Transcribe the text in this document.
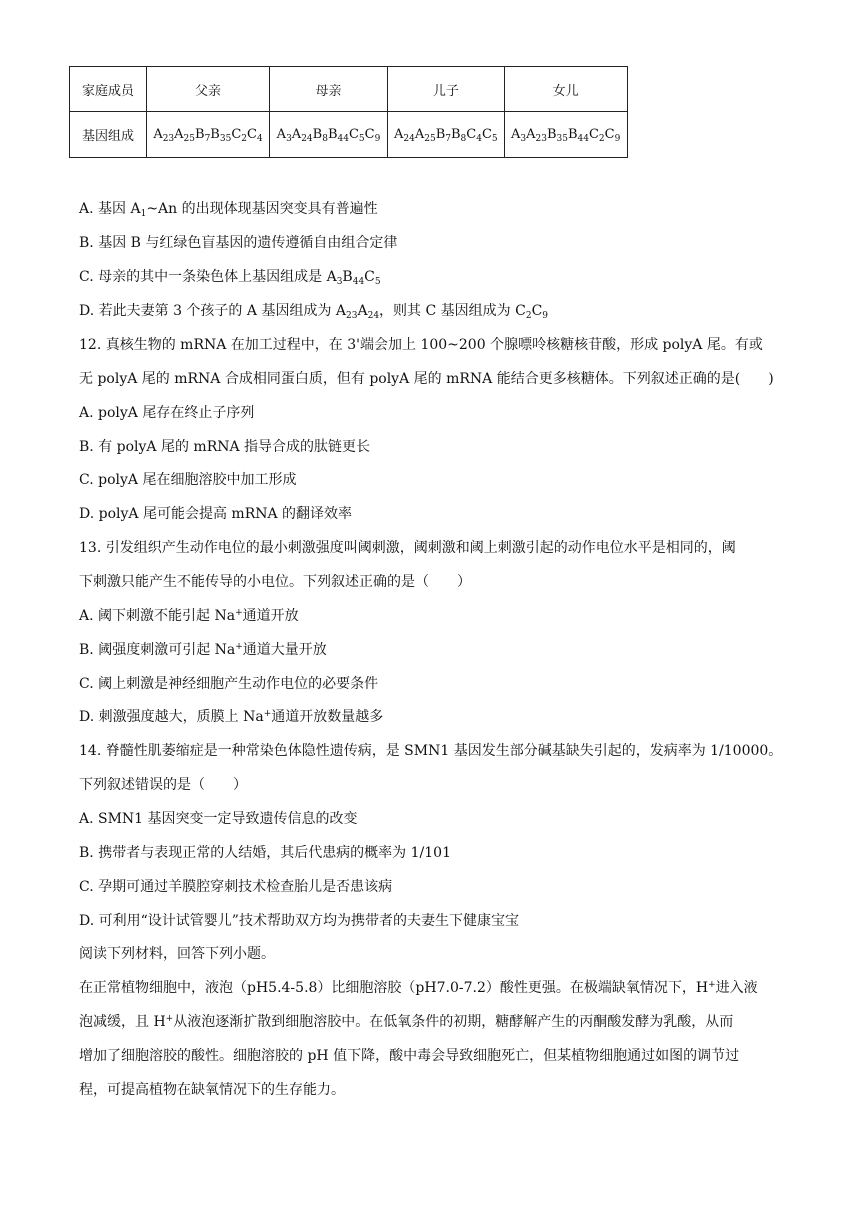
家庭成员	父亲	母亲	儿子	女儿
基因组成	$A_{23}A_{25}B_7B_{35}C_2C_4$	$A_3A_{24}B_8B_{44}C_5C_9$	$A_{24}A_{25}B_7B_8C_4C_5$	$A_3A_{23}B_{35}B_{44}C_2C_9$
A. 基因 $A_1\sim An$ 的出现体现基因突变具有普遍性
B. 基因 B 与红绿色盲基因的遗传遵循自由组合定律
C. 母亲的其中一条染色体上基因组成是 $A_3B_{44}C_5$
D. 若此夫妻第 3 个孩子的 A 基因组成为 $A_{23}A_{24}$，则其 C 基因组成为 $C_2C_9$
12. 真核生物的 mRNA 在加工过程中，在 3'端会加上 100~200 个腺嘌呤核糖核苷酸，形成 polyA 尾。有或
无 polyA 尾的 mRNA 合成相同蛋白质，但有 polyA 尾的 mRNA 能结合更多核糖体。下列叙述正确的是(　　)
A. polyA 尾存在终止子序列
B. 有 polyA 尾的 mRNA 指导合成的肽链更长
C. polyA 尾在细胞溶胶中加工形成
D. polyA 尾可能会提高 mRNA 的翻译效率
13. 引发组织产生动作电位的最小刺激强度叫阈刺激，阈刺激和阈上刺激引起的动作电位水平是相同的，阈
下刺激只能产生不能传导的小电位。下列叙述正确的是（　　）
A. 阈下刺激不能引起 Na+通道开放
B. 阈强度刺激可引起 Na+通道大量开放
C. 阈上刺激是神经细胞产生动作电位的必要条件
D. 刺激强度越大，质膜上 Na+通道开放数量越多
14. 脊髓性肌萎缩症是一种常染色体隐性遗传病，是 SMN1 基因发生部分碱基缺失引起的，发病率为 1/10000。
下列叙述错误的是（　　）
A. SMN1 基因突变一定导致遗传信息的改变
B. 携带者与表现正常的人结婚，其后代患病的概率为 1/101
C. 孕期可通过羊膜腔穿刺技术检查胎儿是否患该病
D. 可利用“设计试管婴儿”技术帮助双方均为携带者的夫妻生下健康宝宝
阅读下列材料，回答下列小题。
在正常植物细胞中，液泡（pH5.4-5.8）比细胞溶胶（pH7.0-7.2）酸性更强。在极端缺氧情况下，H+进入液
泡减缓，且 H+从液泡逐渐扩散到细胞溶胶中。在低氧条件的初期，糖酵解产生的丙酮酸发酵为乳酸，从而
增加了细胞溶胶的酸性。细胞溶胶的 pH 值下降，酸中毒会导致细胞死亡，但某植物细胞通过如图的调节过
程，可提高植物在缺氧情况下的生存能力。
